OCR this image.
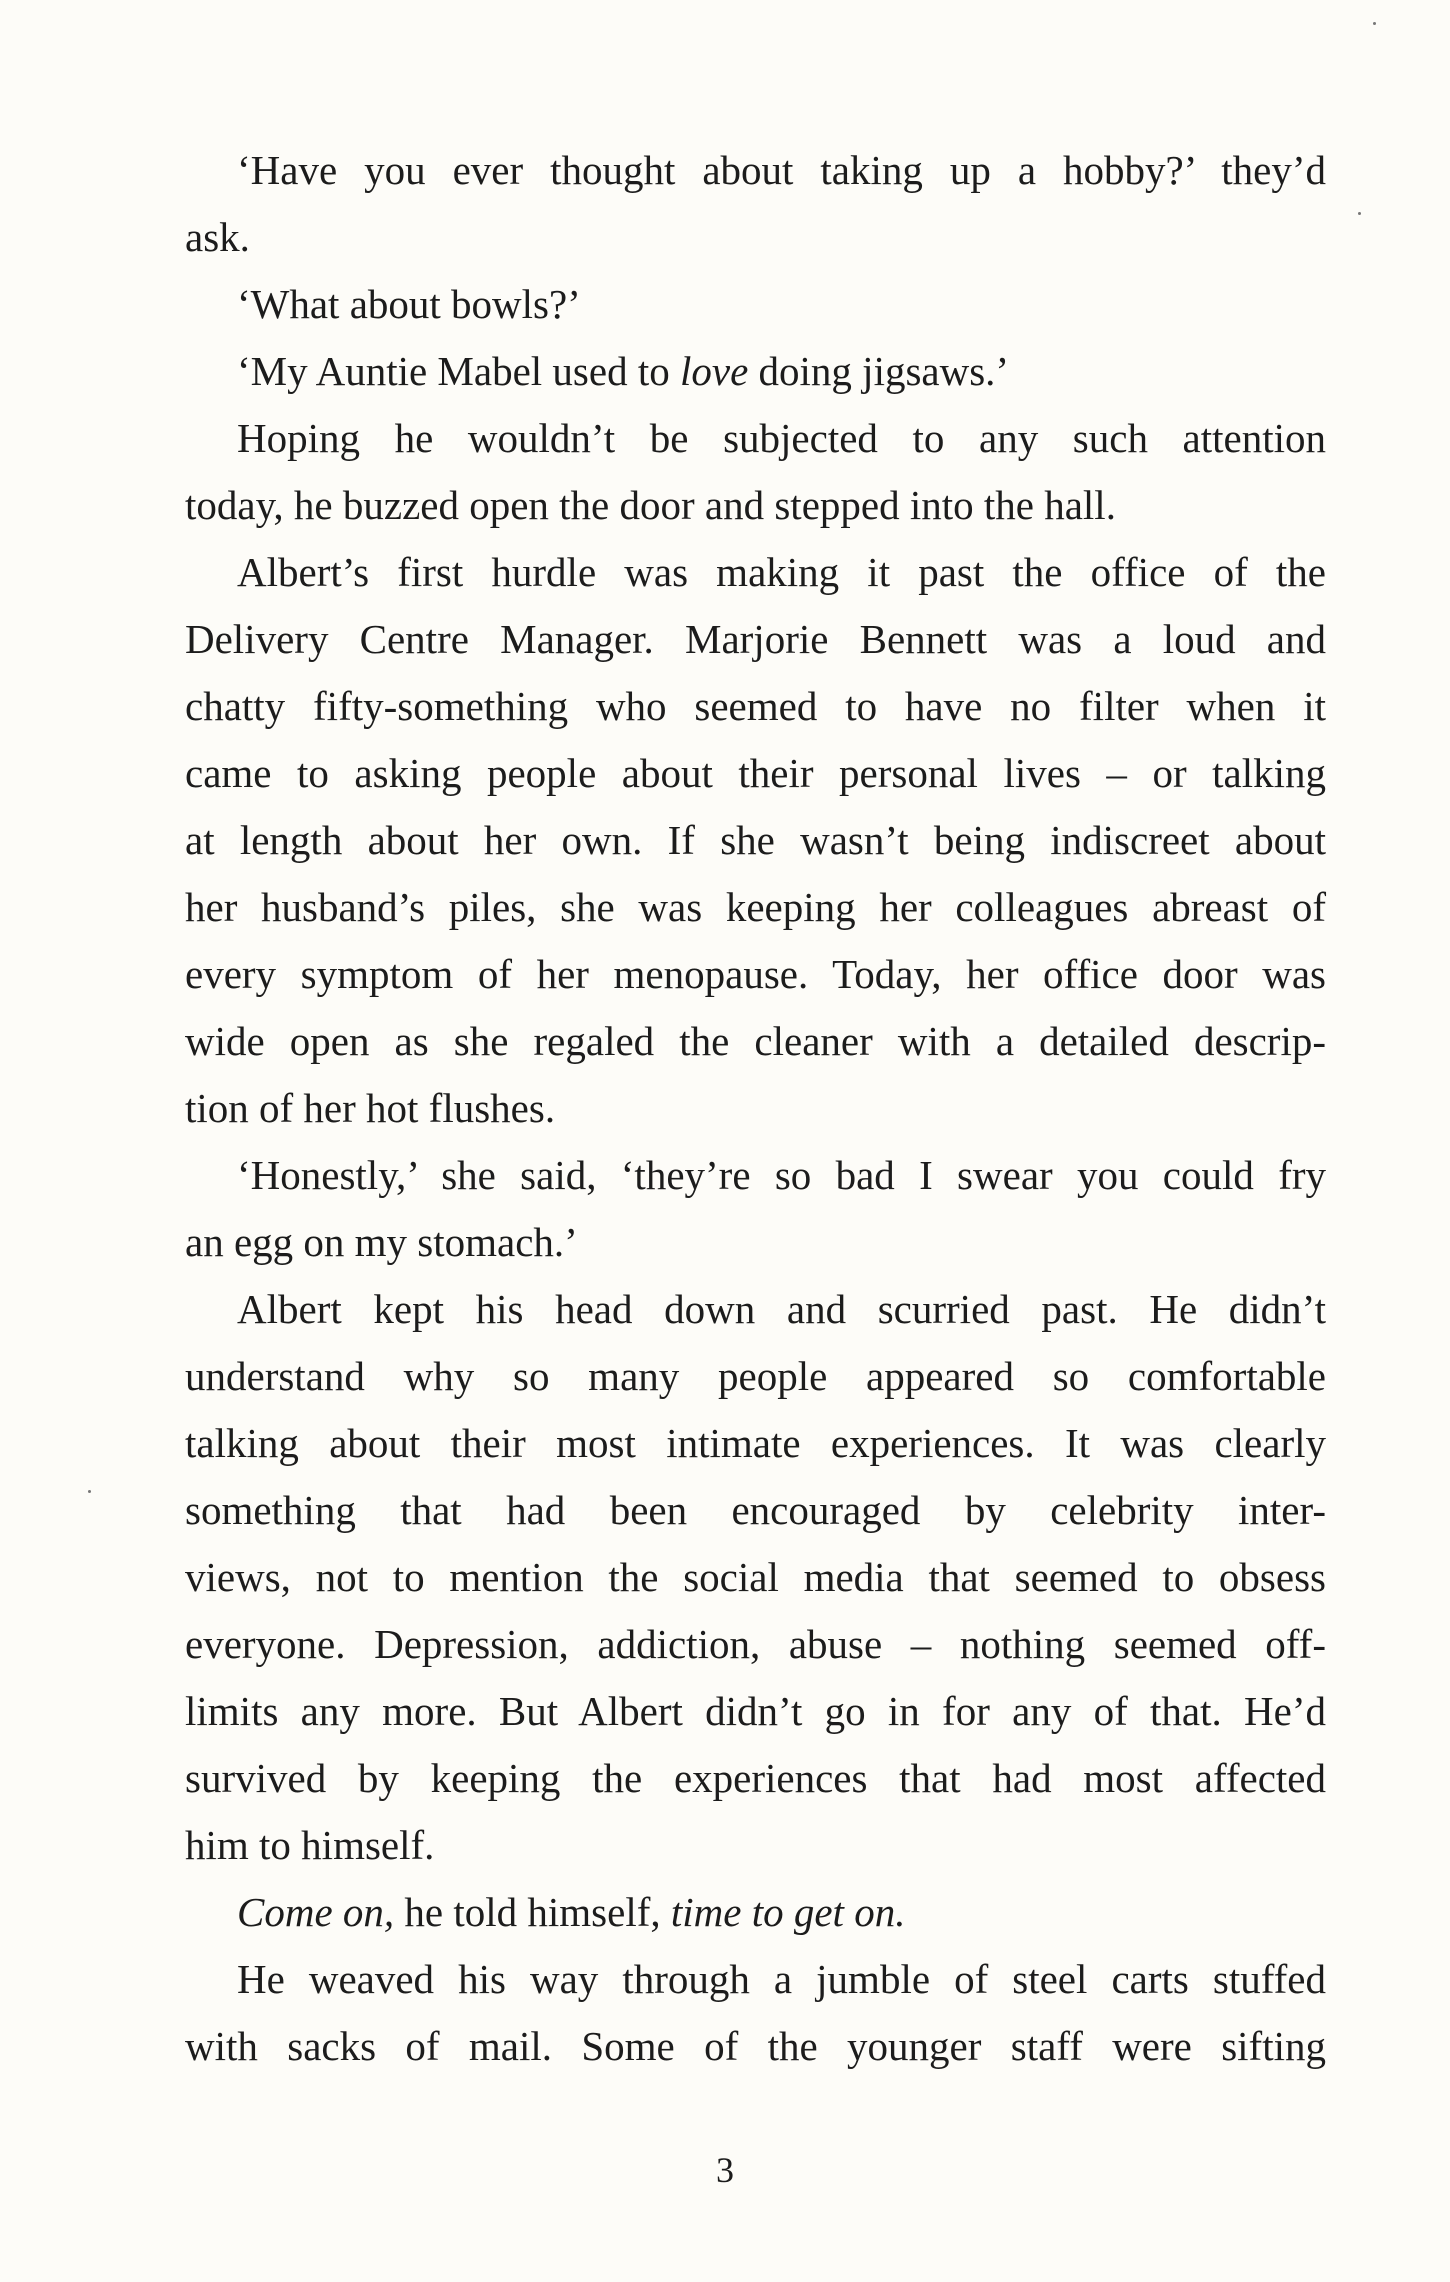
‘Have you ever thought about taking up a hobby?’ they’d
ask.
‘What about bowls?’
‘My Auntie Mabel used to love doing jigsaws.’
Hoping he wouldn’t be subjected to any such attention
today, he buzzed open the door and stepped into the hall.
Albert’s first hurdle was making it past the office of the
Delivery Centre Manager. Marjorie Bennett was a loud and
chatty fifty-something who seemed to have no filter when it
came to asking people about their personal lives – or talking
at length about her own. If she wasn’t being indiscreet about
her husband’s piles, she was keeping her colleagues abreast of
every symptom of her menopause. Today, her office door was
wide open as she regaled the cleaner with a detailed descrip-
tion of her hot flushes.
‘Honestly,’ she said, ‘they’re so bad I swear you could fry
an egg on my stomach.’
Albert kept his head down and scurried past. He didn’t
understand why so many people appeared so comfortable
talking about their most intimate experiences. It was clearly
something that had been encouraged by celebrity inter-
views, not to mention the social media that seemed to obsess
everyone. Depression, addiction, abuse – nothing seemed off-
limits any more. But Albert didn’t go in for any of that. He’d
survived by keeping the experiences that had most affected
him to himself.
Come on, he told himself, time to get on.
He weaved his way through a jumble of steel carts stuffed
with sacks of mail. Some of the younger staff were sifting
3
